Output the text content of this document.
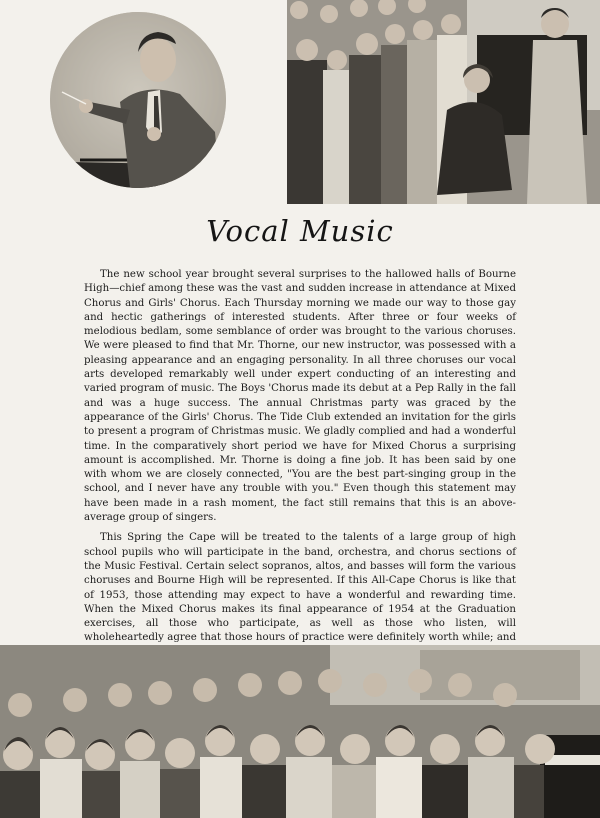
Vocal Music

The new school year brought several surprises to the hallowed halls of Bourne High—chief among these was the vast and sudden increase in attendance at Mixed Chorus and Girls' Chorus. Each Thursday morning we made our way to those gay and hectic gatherings of interested students. After three or four weeks of melodious bedlam, some semblance of order was brought to the various choruses. We were pleased to find that Mr. Thorne, our new instructor, was possessed with a pleasing appearance and an engaging personality. In all three choruses our vocal arts developed remarkably well under expert conducting of an interesting and varied program of music. The Boys 'Chorus made its debut at a Pep Rally in the fall and was a huge success. The annual Christmas party was graced by the appearance of the Girls' Chorus. The Tide Club extended an invitation for the girls to present a program of Christmas music. We gladly complied and had a wonderful time. In the comparatively short period we have for Mixed Chorus a surprising amount is accomplished. Mr. Thorne is doing a fine job. It has been said by one with whom we are closely connected, "You are the best part-singing group in the school, and I never have any trouble with you." Even though this statement may have been made in a rash moment, the fact still remains that this is an above-average group of singers.

This Spring the Cape will be treated to the talents of a large group of high school pupils who will participate in the band, orchestra, and chorus sections of the Music Festival. Certain select sopranos, altos, and basses will form the various choruses and Bourne High will be represented. If this All-Cape Chorus is like that of 1953, those attending may expect to have a wonderful and rewarding time. When the Mixed Chorus makes its final appearance of 1954 at the Graduation exercises, all those who participate, as well as those who listen, will wholeheartedly agree that those hours of practice were definitely worth while; and
